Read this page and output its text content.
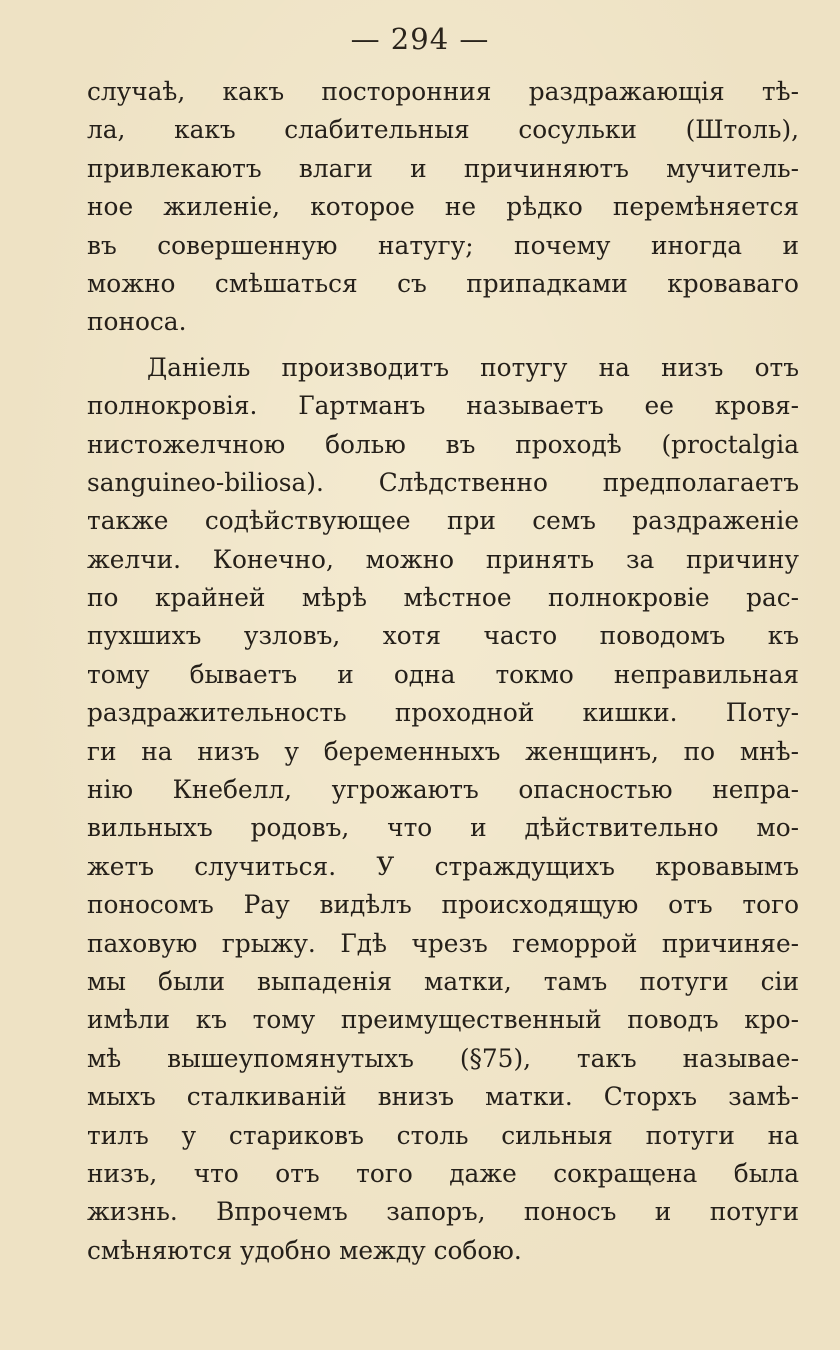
— 294 —
случаѣ, какъ посторонния раздражающія тѣ-
ла, какъ слабительныя сосульки (Штоль),
привлекаютъ влаги и причиняютъ мучитель-
ное жиленіе, которое не рѣдко перемѣняется
въ совершенную натугу; почему иногда и
можно смѣшаться съ припадками кроваваго
поноса.
Даніель производитъ потугу на низъ отъ
полнокровія. Гартманъ называетъ ее кровя-
нистожелчною болью въ проходѣ (proctalgia
sanguineo-biliosa). Слѣдственно предполагаетъ
также содѣйствующее при семъ раздраженіе
желчи. Конечно, можно принять за причину
по крайней мѣрѣ мѣстное полнокровіе рас-
пухшихъ узловъ, хотя часто поводомъ къ
тому бываетъ и одна токмо неправильная
раздражительность проходной кишки. Поту-
ги на низъ у беременныхъ женщинъ, по мнѣ-
нію Кнебелл, угрожаютъ опасностью непра-
вильныхъ родовъ, что и дѣйствительно мо-
жетъ случиться. У страждущихъ кровавымъ
поносомъ Рау видѣлъ происходящую отъ того
паховую грыжу. Гдѣ чрезъ геморрой причиняе-
мы были выпаденія матки, тамъ потуги сіи
имѣли къ тому преимущественный поводъ кро-
мѣ вышеупомянутыхъ (§75), такъ называе-
мыхъ сталкиваній внизъ матки. Сторхъ замѣ-
тилъ у стариковъ столь сильныя потуги на
низъ, что отъ того даже сокращена была
жизнь. Впрочемъ запоръ, поносъ и потуги
смѣняются удобно между собою.
